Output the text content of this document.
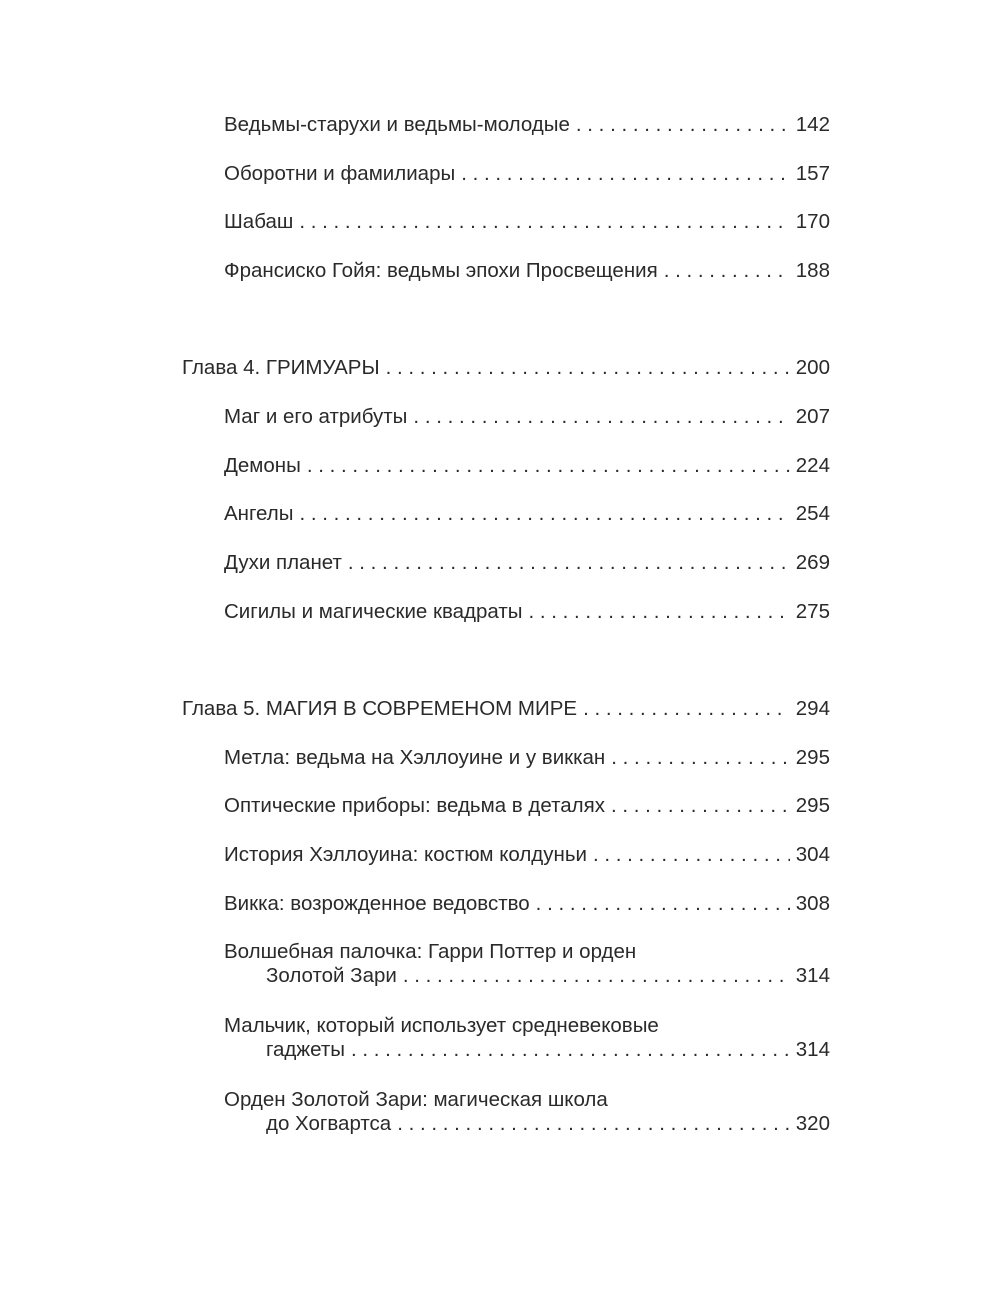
Ведьмы-старухи и ведьмы-молодые . . .	142
Оборотни и фамилиары . . .	157
Шабаш . . .	170
Франсиско Гойя: ведьмы эпохи Просвещения . . .	188
Глава 4. ГРИМУАРЫ . . .	200
Маг и его атрибуты . . .	207
Демоны . . .	224
Ангелы . . .	254
Духи планет . . .	269
Сигилы и магические квадраты . . .	275
Глава 5. МАГИЯ В СОВРЕМЕНОМ МИРЕ . . .	294
Метла: ведьма на Хэллоуине и у виккан . . .	295
Оптические приборы: ведьма в деталях . . .	295
История Хэллоуина: костюм колдуньи . . .	304
Викка: возрожденное ведовство . . .	308
Волшебная палочка: Гарри Поттер и орден
Золотой Зари . . .	314
Мальчик, который использует средневековые
гаджеты . . .	314
Орден Золотой Зари: магическая школа
до Хогвартса . . .	320
